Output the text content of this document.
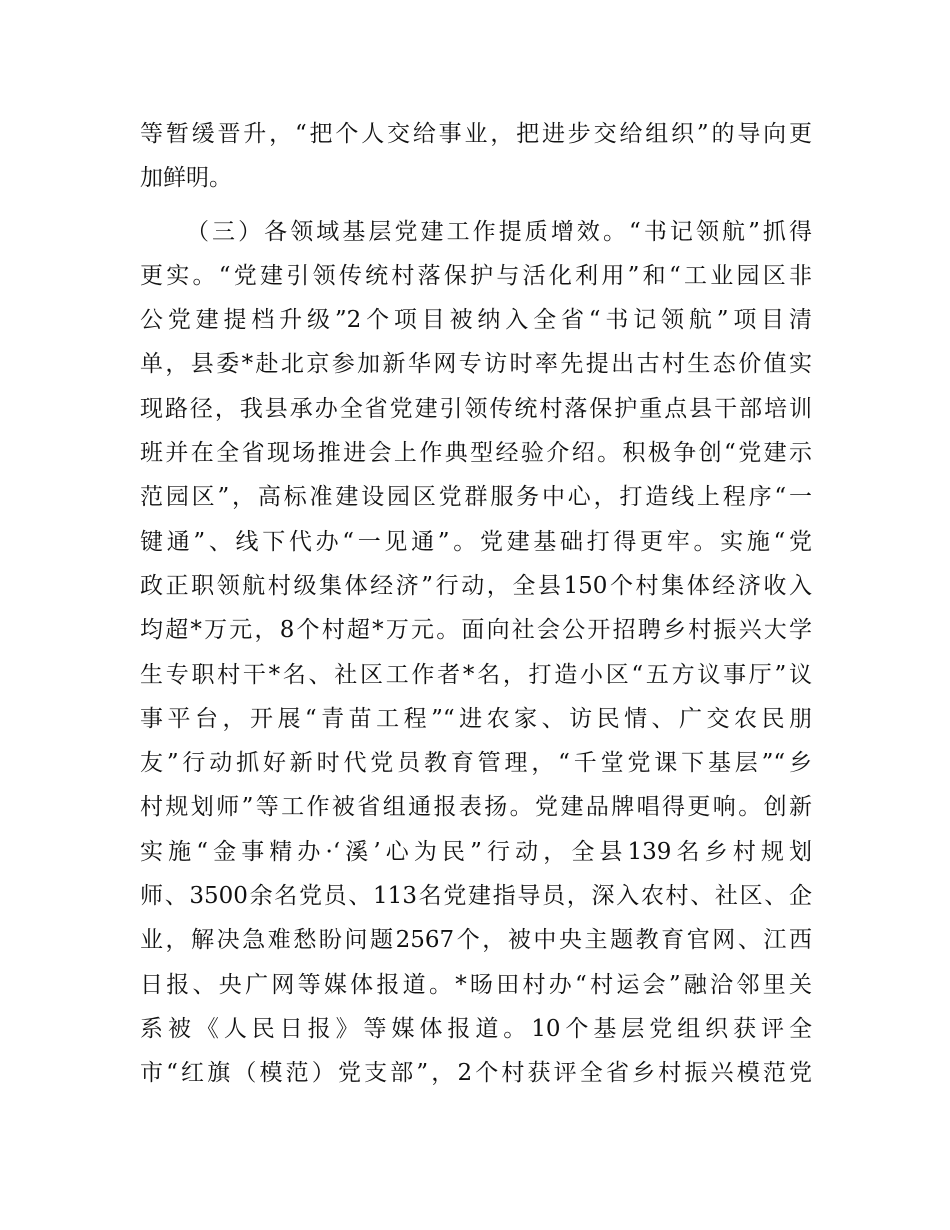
等暂缓晋升，“把个人交给事业，把进步交给组织”的导向更
加鲜明。
（三）各领域基层党建工作提质增效。“书记领航”抓得
更实。“党建引领传统村落保护与活化利用”和“工业园区非
公党建提档升级”2个项目被纳入全省“书记领航”项目清
单，县委*赴北京参加新华网专访时率先提出古村生态价值实
现路径，我县承办全省党建引领传统村落保护重点县干部培训
班并在全省现场推进会上作典型经验介绍。积极争创“党建示
范园区”，高标准建设园区党群服务中心，打造线上程序“一
键通”、线下代办“一见通”。党建基础打得更牢。实施“党
政正职领航村级集体经济”行动，全县150个村集体经济收入
均超*万元，8个村超*万元。面向社会公开招聘乡村振兴大学
生专职村干*名、社区工作者*名，打造小区“五方议事厅”议
事平台，开展“青苗工程”“进农家、访民情、广交农民朋
友”行动抓好新时代党员教育管理，“千堂党课下基层”“乡
村规划师”等工作被省组通报表扬。党建品牌唱得更响。创新
实施“金事精办·‘溪’心为民”行动，全县139名乡村规划
师、3500余名党员、113名党建指导员，深入农村、社区、企
业，解决急难愁盼问题2567个，被中央主题教育官网、江西
日报、央广网等媒体报道。*旸田村办“村运会”融洽邻里关
系被《人民日报》等媒体报道。10个基层党组织获评全
市“红旗（模范）党支部”，2个村获评全省乡村振兴模范党
